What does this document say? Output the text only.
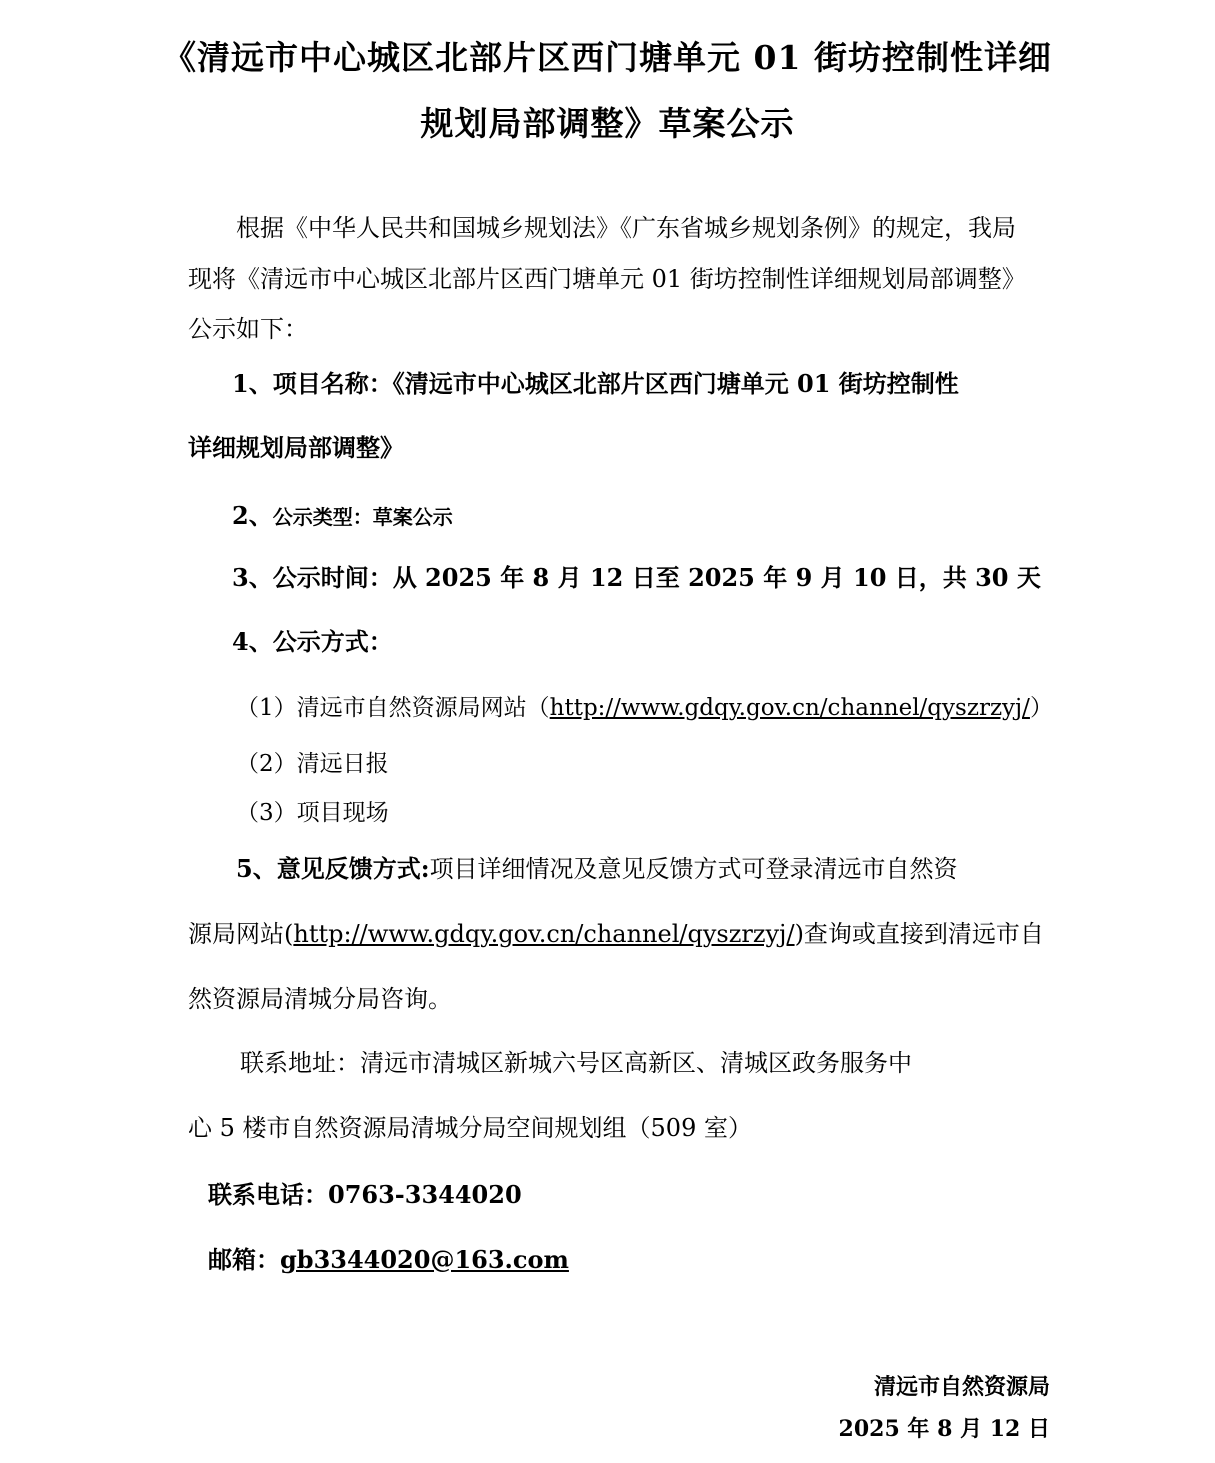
《清远市中心城区北部片区西门塘单元 01 街坊控制性详细
规划局部调整》草案公示
根据《中华人民共和国城乡规划法》《广东省城乡规划条例》的规定，我局
现将《清远市中心城区北部片区西门塘单元 01 街坊控制性详细规划局部调整》
公示如下：
1、项目名称：《清远市中心城区北部片区西门塘单元 01 街坊控制性
详细规划局部调整》
2、公示类型：草案公示
3、公示时间：从 2025 年 8 月 12 日至 2025 年 9 月 10 日，共 30 天
4、公示方式：
（1）清远市自然资源局网站（http://www.gdqy.gov.cn/channel/qyszrzyj/）
（2）清远日报
（3）项目现场
5、意见反馈方式:项目详细情况及意见反馈方式可登录清远市自然资
源局网站(http://www.gdqy.gov.cn/channel/qyszrzyj/)查询或直接到清远市自
然资源局清城分局咨询。
联系地址：清远市清城区新城六号区高新区、清城区政务服务中
心 5 楼市自然资源局清城分局空间规划组（509 室）
联系电话：0763-3344020
邮箱：gb3344020@163.com
清远市自然资源局
2025 年 8 月 12 日
